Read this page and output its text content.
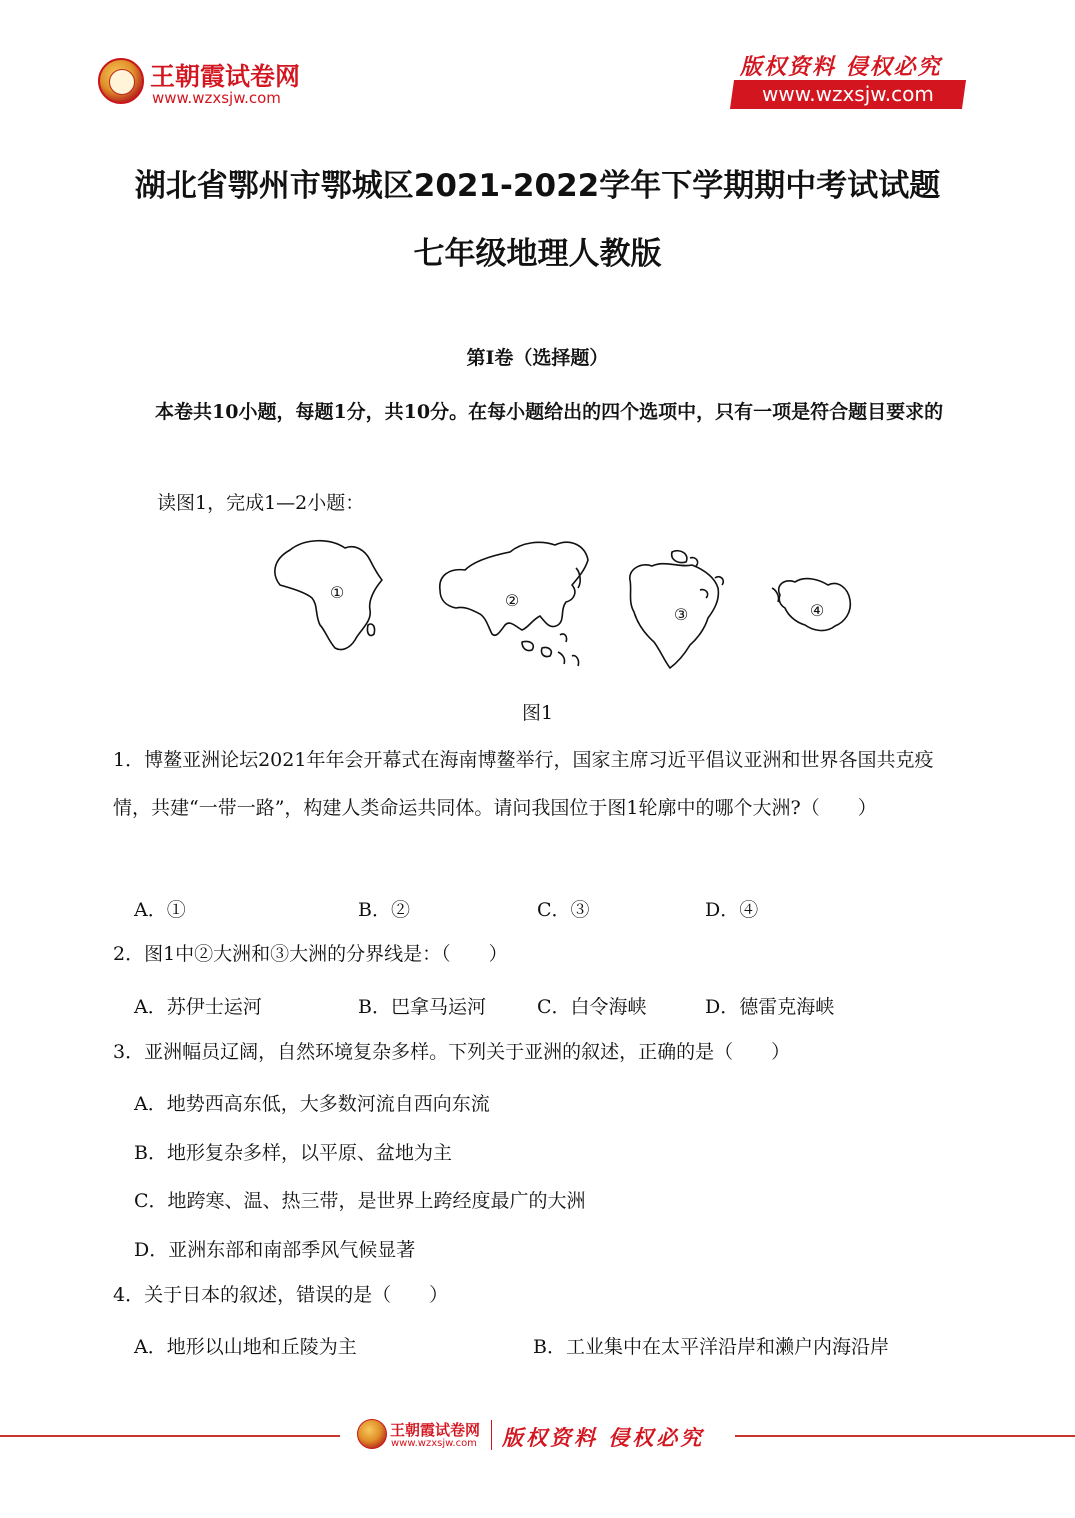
王朝霞试卷网
www.wzxsjw.com
版权资料 侵权必究
www.wzxsjw.com
湖北省鄂州市鄂城区2021-2022学年下学期期中考试试题
七年级地理人教版
第Ⅰ卷（选择题）
本卷共10小题，每题1分，共10分。在每小题给出的四个选项中，只有一项是符合题目要求的
读图1，完成1—2小题：
①	②
③	④
图1
1．博鳌亚洲论坛2021年年会开幕式在海南博鳌举行，国家主席习近平倡议亚洲和世界各国共克疫情，共建“一带一路”，构建人类命运共同体。请问我国位于图1轮廓中的哪个大洲?（　　）
A．①	B．②	C．③	D．④
2．图1中②大洲和③大洲的分界线是：（　　）
A．苏伊士运河	B．巴拿马运河	C．白令海峡	D．德雷克海峡
3．亚洲幅员辽阔，自然环境复杂多样。下列关于亚洲的叙述，正确的是（　　）
A．地势西高东低，大多数河流自西向东流
B．地形复杂多样，以平原、盆地为主
C．地跨寒、温、热三带，是世界上跨经度最广的大洲
D．亚洲东部和南部季风气候显著
4．关于日本的叙述，错误的是（　　）
A．地形以山地和丘陵为主	B．工业集中在太平洋沿岸和濑户内海沿岸
王朝霞试卷网
www.wzxsjw.com 版权资料 侵权必究
